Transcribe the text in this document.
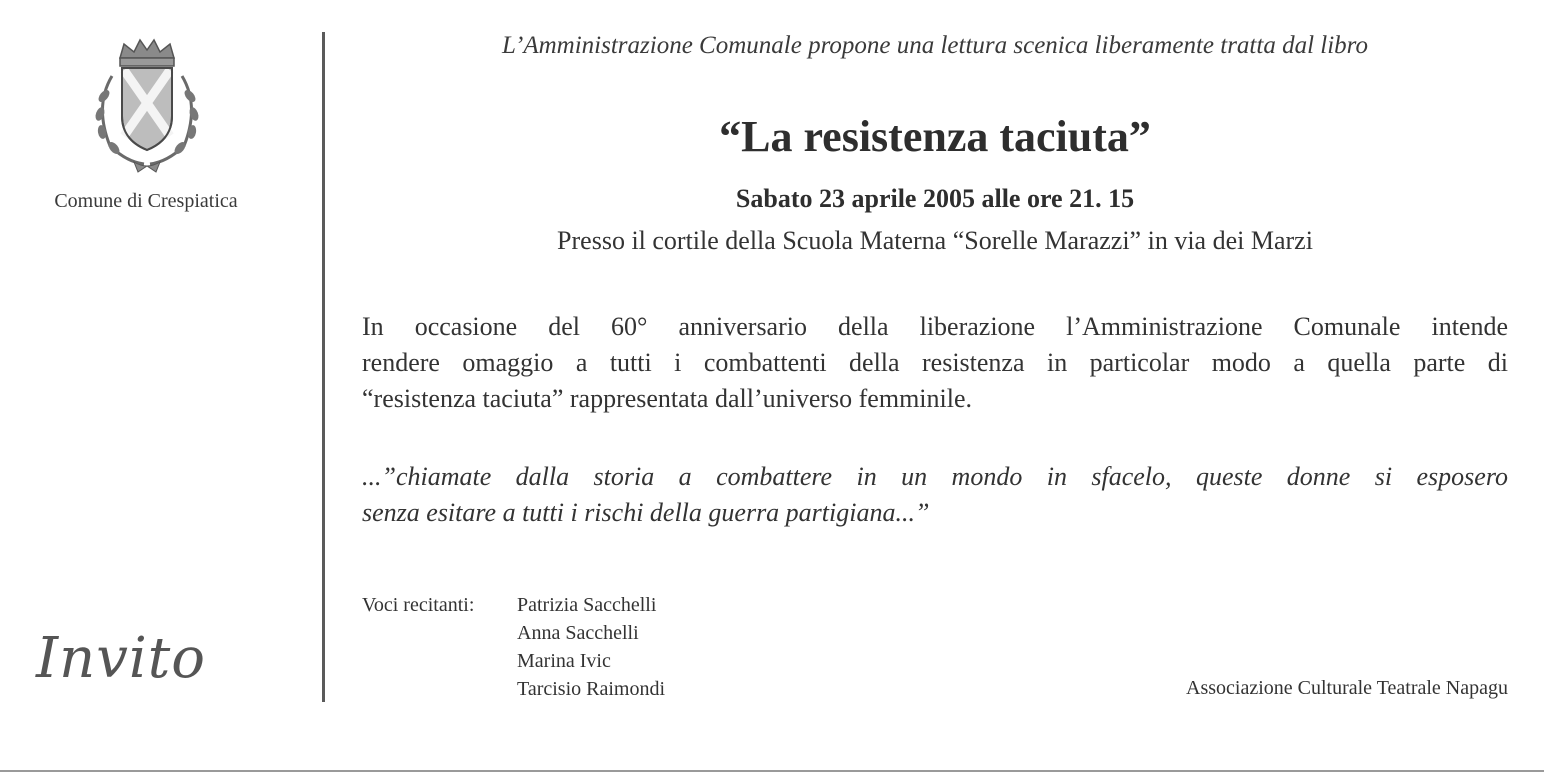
Comune di Crespiatica
Invito
L’Amministrazione Comunale propone una lettura scenica liberamente tratta dal libro
“La resistenza taciuta”
Sabato 23 aprile 2005 alle ore 21. 15
Presso il cortile della Scuola Materna “Sorelle Marazzi” in via dei Marzi
In occasione del 60° anniversario della liberazione l’Amministrazione Comunale intende
rendere omaggio a tutti i combattenti della resistenza in particolar modo a quella parte di
“resistenza taciuta” rappresentata dall’universo femminile.
...”chiamate dalla storia a combattere in un mondo in sfacelo, queste donne si esposero
senza esitare a tutti i rischi della guerra partigiana...”
Voci recitanti: Patrizia Sacchelli
Anna Sacchelli
Marina Ivic
Tarcisio Raimondi	Associazione Culturale Teatrale Napagu
